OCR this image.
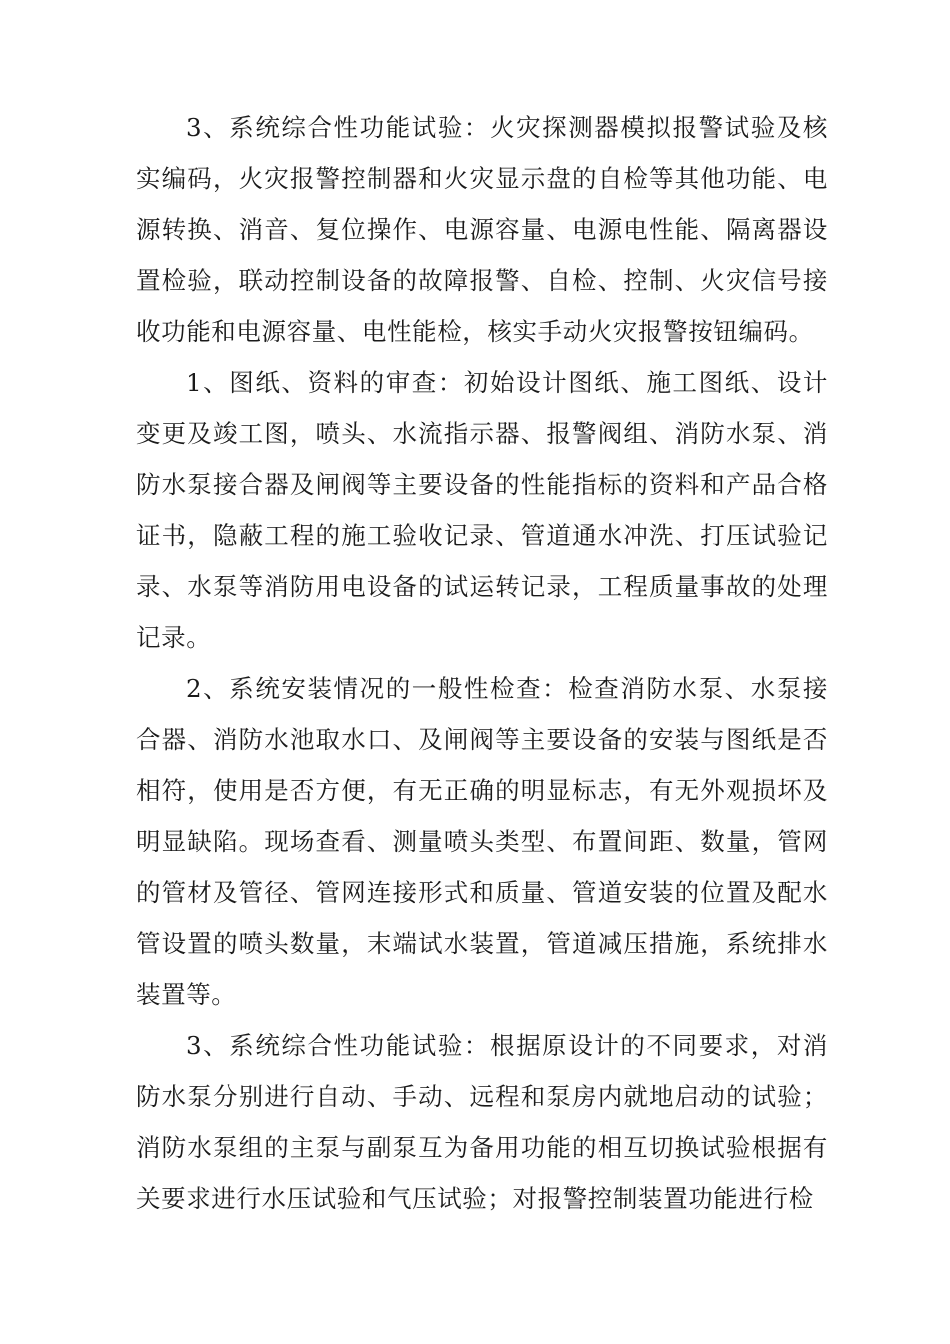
3、系统综合性功能试验：火灾探测器模拟报警试验及核实编码，火灾报警控制器和火灾显示盘的自检等其他功能、电源转换、消音、复位操作、电源容量、电源电性能、隔离器设置检验，联动控制设备的故障报警、自检、控制、火灾信号接收功能和电源容量、电性能检，核实手动火灾报警按钮编码。

1、图纸、资料的审查：初始设计图纸、施工图纸、设计变更及竣工图，喷头、水流指示器、报警阀组、消防水泵、消防水泵接合器及闸阀等主要设备的性能指标的资料和产品合格证书，隐蔽工程的施工验收记录、管道通水冲洗、打压试验记录、水泵等消防用电设备的试运转记录，工程质量事故的处理记录。

2、系统安装情况的一般性检查：检查消防水泵、水泵接合器、消防水池取水口、及闸阀等主要设备的安装与图纸是否相符，使用是否方便，有无正确的明显标志，有无外观损坏及明显缺陷。现场查看、测量喷头类型、布置间距、数量，管网的管材及管径、管网连接形式和质量、管道安装的位置及配水管设置的喷头数量，末端试水装置，管道减压措施，系统排水装置等。

3、系统综合性功能试验：根据原设计的不同要求，对消防水泵分别进行自动、手动、远程和泵房内就地启动的试验；消防水泵组的主泵与副泵互为备用功能的相互切换试验根据有关要求进行水压试验和气压试验；对报警控制装置功能进行检
